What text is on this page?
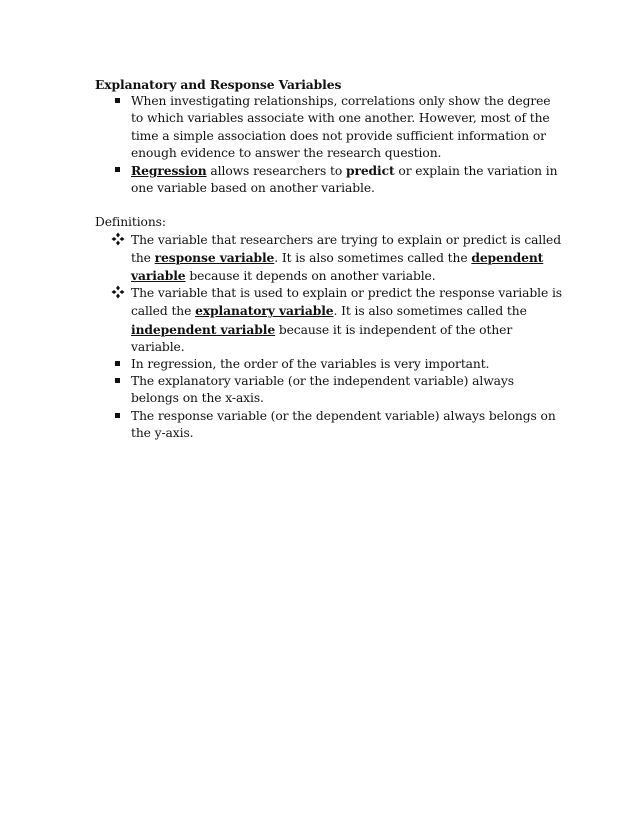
Explanatory and Response Variables

When investigating relationships, correlations only show the degree to which variables associate with one another. However, most of the time a simple association does not provide sufficient information or enough evidence to answer the research question.
Regression allows researchers to predict or explain the variation in one variable based on another variable.

Definitions:

The variable that researchers are trying to explain or predict is called the response variable. It is also sometimes called the dependent variable because it depends on another variable.
The variable that is used to explain or predict the response variable is called the explanatory variable. It is also sometimes called the independent variable because it is independent of the other variable.
In regression, the order of the variables is very important.
The explanatory variable (or the independent variable) always belongs on the x-axis.
The response variable (or the dependent variable) always belongs on the y-axis.
